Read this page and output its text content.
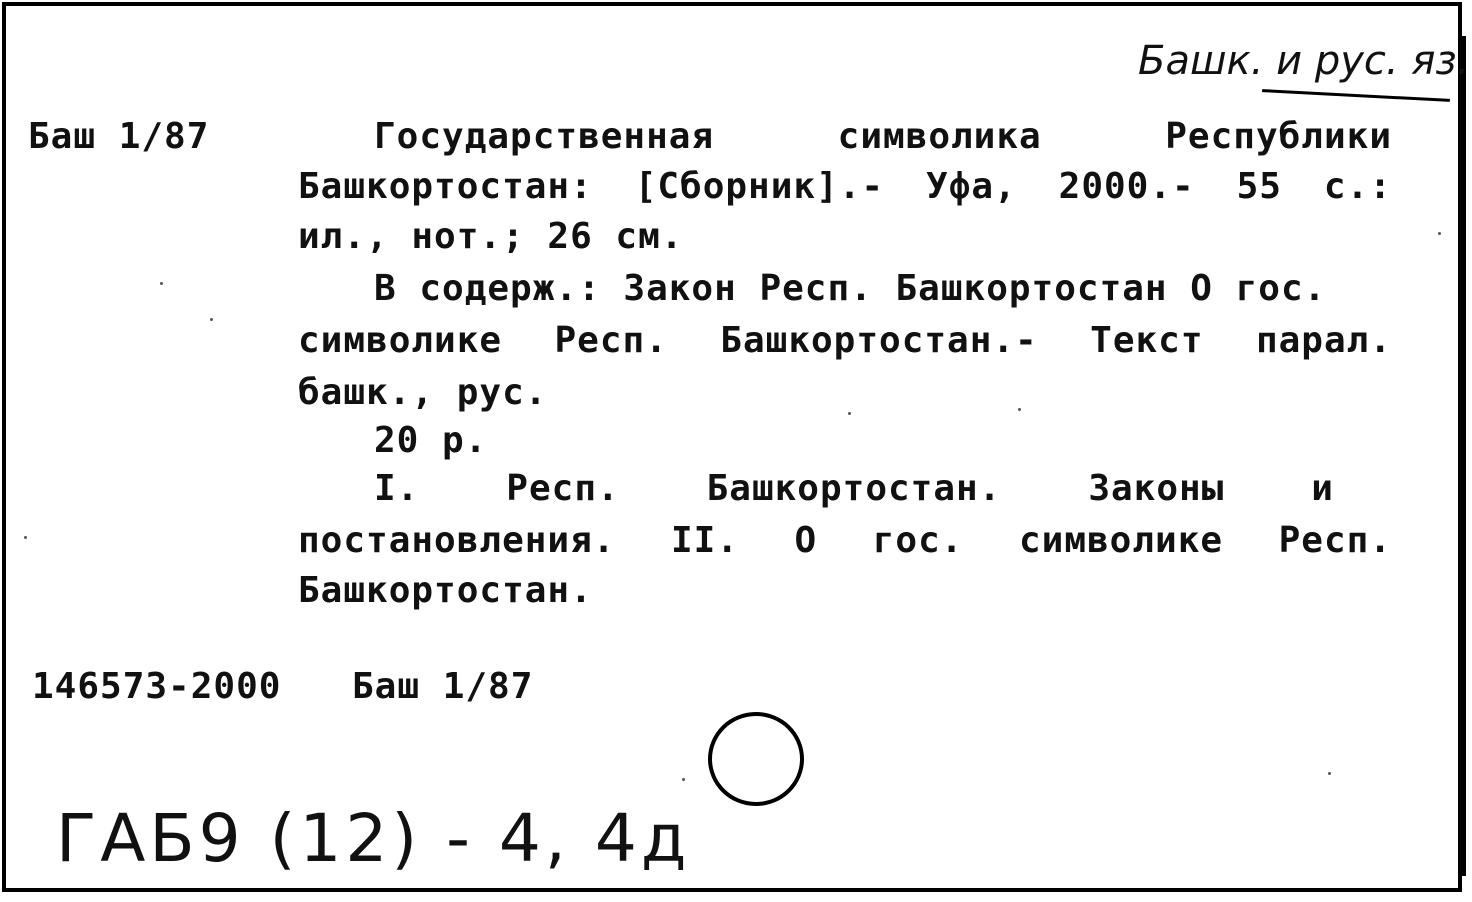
Башк. и рус. яз.
Баш 1/87	Государственная	символика	Республики
Башкортостан: [Сборник].- Уфа, 2000.- 55 с.:
ил., нот.; 26 см.
В содерж.: Закон Респ. Башкортостан О гос.
символике Респ. Башкортостан.- Текст парал.
башк., рус.
20 р.
I. Респ. Башкортостан. Законы и
постановления. II. О гос. символике Респ.
Башкортостан.
146573-2000 Баш 1/87
ГАБ9 (12) - 4, 4д
